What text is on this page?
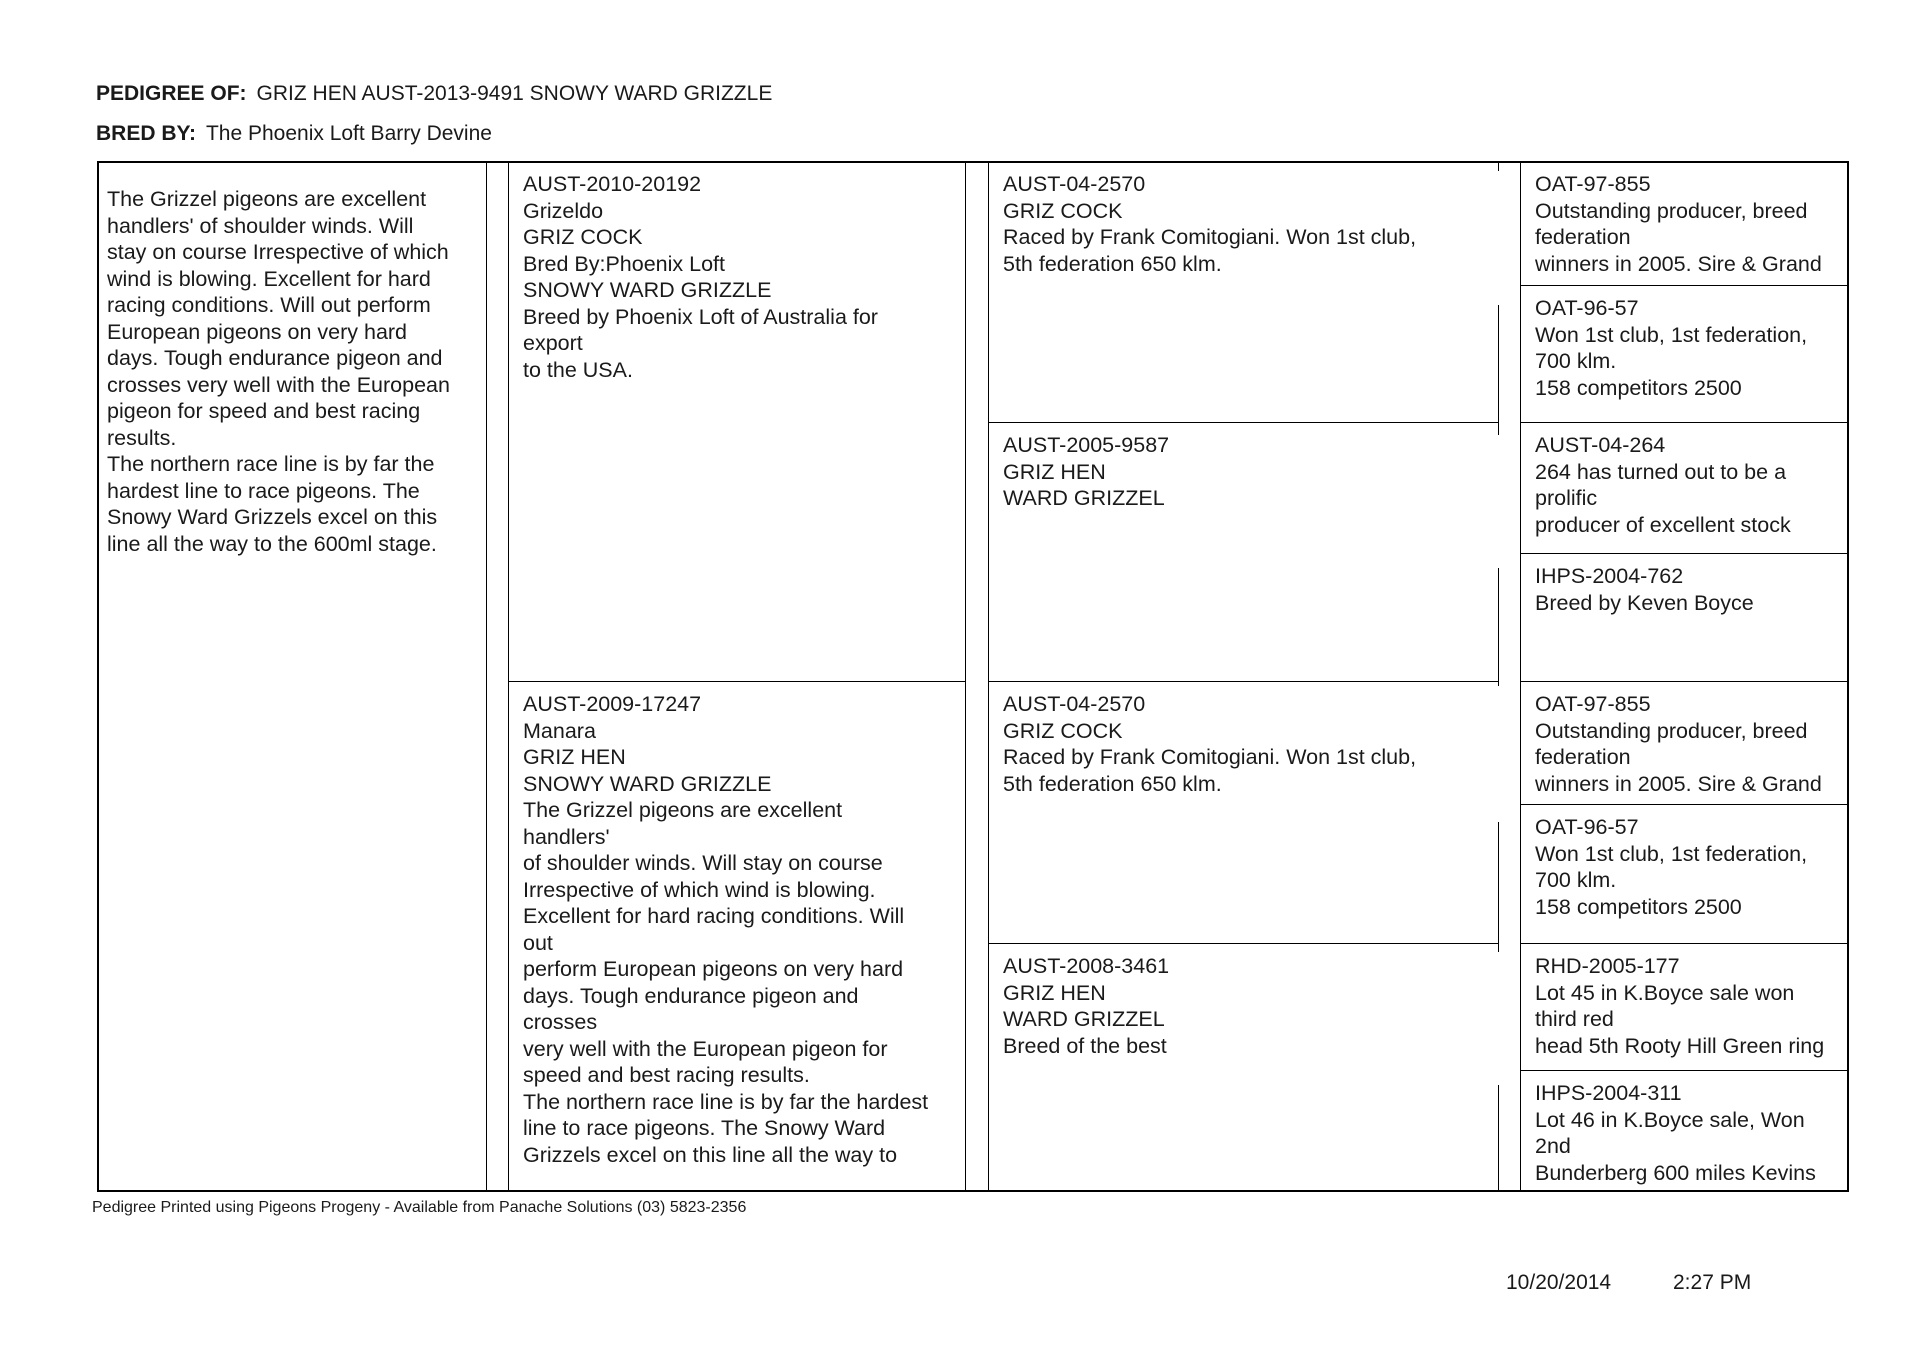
PEDIGREE OF: GRIZ HEN AUST-2013-9491 SNOWY WARD GRIZZLE
BRED BY: The Phoenix Loft Barry Devine
The Grizzel pigeons are excellent
handlers' of shoulder winds. Will
stay on course Irrespective of which
wind is blowing. Excellent for hard
racing conditions. Will out perform
European pigeons on very hard
days. Tough endurance pigeon and
crosses very well with the European
pigeon for speed and best racing
results.
The northern race line is by far the
hardest line to race pigeons. The
Snowy Ward Grizzels excel on this
line all the way to the 600ml stage.
AUST-2010-20192
Grizeldo
GRIZ COCK
Bred By:Phoenix Loft
SNOWY WARD GRIZZLE
Breed by Phoenix Loft of Australia for
export
to the USA.
AUST-2009-17247
Manara
GRIZ HEN
SNOWY WARD GRIZZLE
The Grizzel pigeons are excellent
handlers'
of shoulder winds. Will stay on course
Irrespective of which wind is blowing.
Excellent for hard racing conditions. Will
out
perform European pigeons on very hard
days. Tough endurance pigeon and
crosses
very well with the European pigeon for
speed and best racing results.
The northern race line is by far the hardest
line to race pigeons. The Snowy Ward
Grizzels excel on this line all the way to
AUST-04-2570
GRIZ COCK
Raced by Frank Comitogiani. Won 1st club,
5th federation 650 klm.
AUST-2005-9587
GRIZ HEN
WARD GRIZZEL
AUST-04-2570
GRIZ COCK
Raced by Frank Comitogiani. Won 1st club,
5th federation 650 klm.
AUST-2008-3461
GRIZ HEN
WARD GRIZZEL
Breed of the best
OAT-97-855
Outstanding producer, breed
federation
winners in 2005. Sire & Grand
OAT-96-57
Won 1st club, 1st federation,
700 klm.
158 competitors 2500
AUST-04-264
264 has turned out to be a
prolific
producer of excellent stock
IHPS-2004-762
Breed by Keven Boyce
OAT-97-855
Outstanding producer, breed
federation
winners in 2005. Sire & Grand
OAT-96-57
Won 1st club, 1st federation,
700 klm.
158 competitors 2500
RHD-2005-177
Lot 45 in K.Boyce sale won
third red
head 5th Rooty Hill Green ring
IHPS-2004-311
Lot 46 in K.Boyce sale, Won
2nd
Bunderberg 600 miles Kevins
Pedigree Printed using Pigeons Progeny - Available from Panache Solutions (03) 5823-2356
10/20/2014	2:27 PM
